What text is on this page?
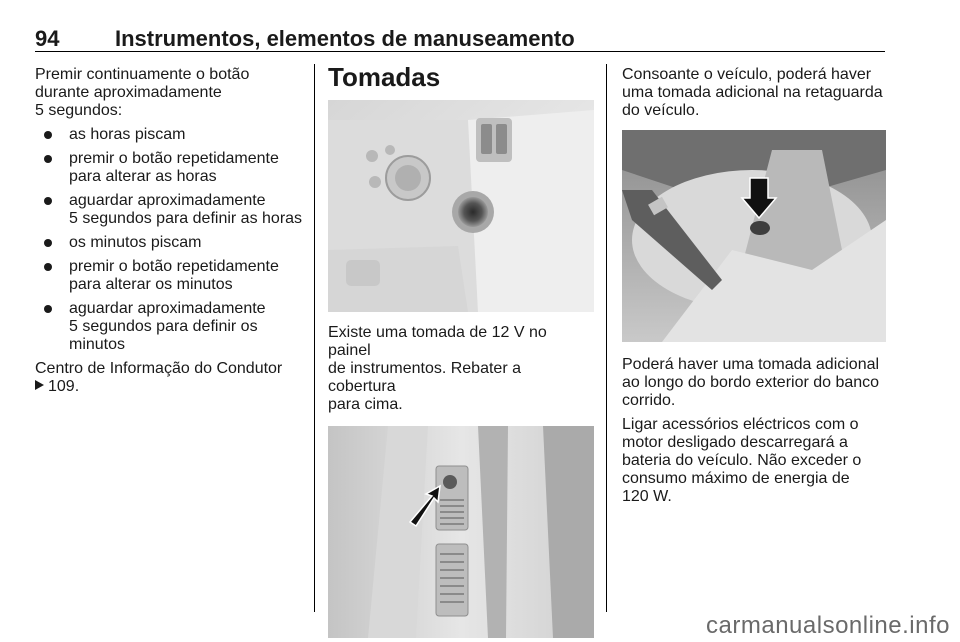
94	Instrumentos, elementos de manuseamento

Premir continuamente o botão
durante aproximadamente
5 segundos:

as horas piscam
premir o botão repetidamente
para alterar as horas
aguardar aproximadamente
5 segundos para definir as horas
os minutos piscam
premir o botão repetidamente
para alterar os minutos
aguardar aproximadamente
5 segundos para definir os
minutos

Centro de Informação do Condutor
109.

Tomadas

Existe uma tomada de 12 V no painel
de instrumentos. Rebater a cobertura
para cima.

Consoante o veículo, poderá haver
uma tomada adicional na retaguarda
do veículo.

Poderá haver uma tomada adicional
ao longo do bordo exterior do banco
corrido.

Ligar acessórios eléctricos com o
motor desligado descarregará a
bateria do veículo. Não exceder o
consumo máximo de energia de
120 W.

carmanualsonline.info
